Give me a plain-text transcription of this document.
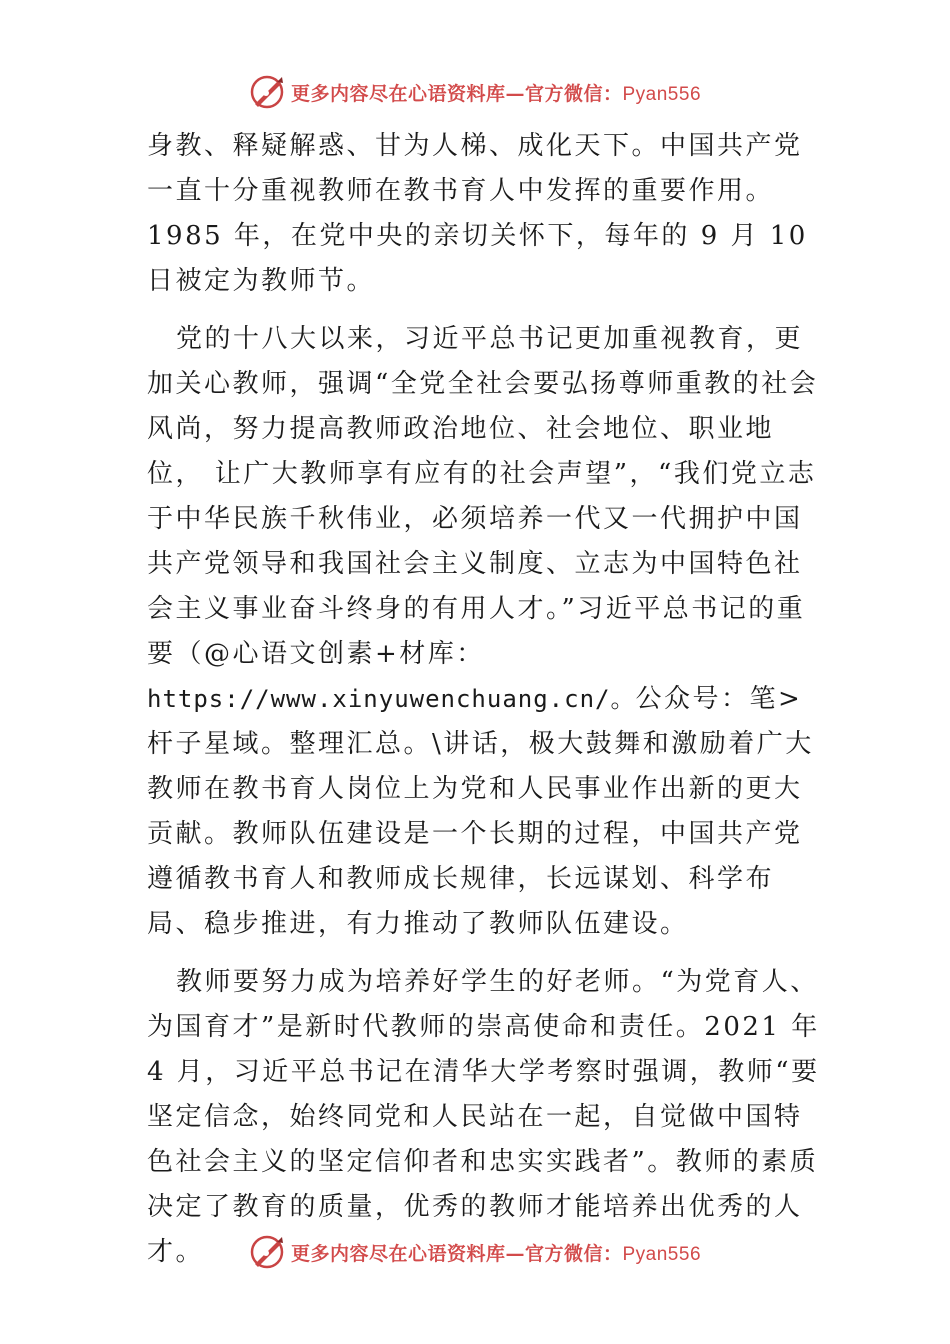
更多内容尽在心语资料库—官方微信：Pyan556

身教、释疑解惑、甘为人梯、成化天下。中国共产党一直十分重视教师在教书育人中发挥的重要作用。1985 年，在党中央的亲切关怀下，每年的 9 月 10 日被定为教师节。

党的十八大以来，习近平总书记更加重视教育，更加关心教师，强调“全党全社会要弘扬尊师重教的社会风尚，努力提高教师政治地位、社会地位、职业地位， 让广大教师享有应有的社会声望”，“我们党立志于中华民族千秋伟业，必须培养一代又一代拥护中国共产党领导和我国社会主义制度、立志为中国特色社会主义事业奋斗终身的有用人才。”习近平总书记的重要（@心语文创素+材库：https://www.xinyuwenchuang.cn/。公众号：笔>杆子星域。整理汇总。\讲话，极大鼓舞和激励着广大教师在教书育人岗位上为党和人民事业作出新的更大贡献。教师队伍建设是一个长期的过程，中国共产党遵循教书育人和教师成长规律，长远谋划、科学布局、稳步推进，有力推动了教师队伍建设。

教师要努力成为培养好学生的好老师。“为党育人、为国育才”是新时代教师的崇高使命和责任。2021 年 4 月，习近平总书记在清华大学考察时强调，教师“要坚定信念，始终同党和人民站在一起，自觉做中国特色社会主义的坚定信仰者和忠实实践者”。教师的素质决定了教育的质量，优秀的教师才能培养出优秀的人才。	更多内容尽在心语资料库—官方微信：Pyan556
